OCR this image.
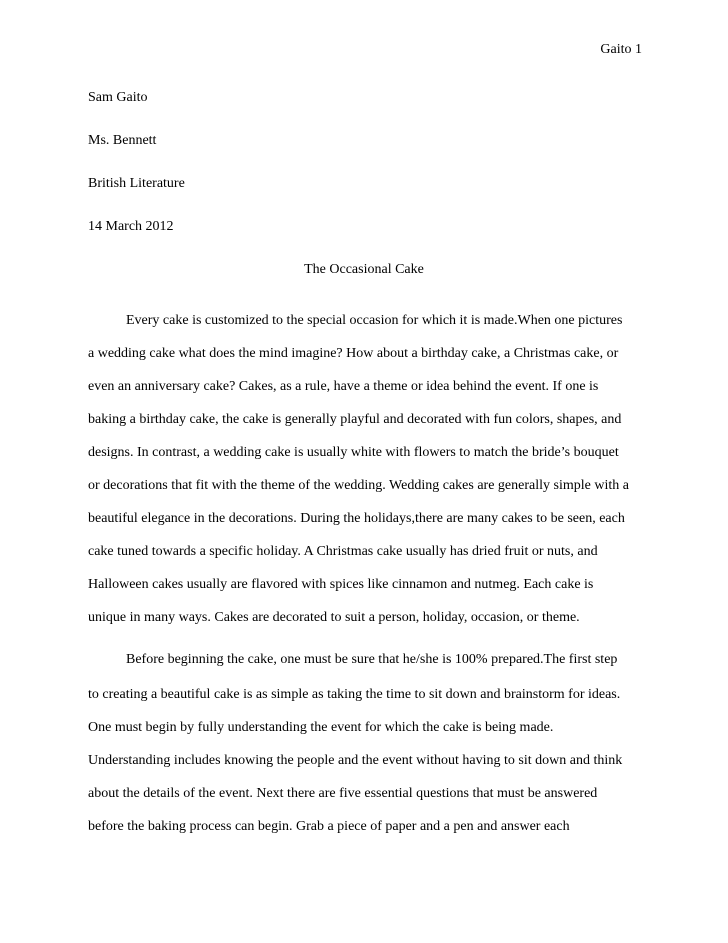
Gaito 1
Sam Gaito
Ms. Bennett
British Literature
14 March 2012
The Occasional Cake
Every cake is customized to the special occasion for which it is made.When one pictures
a wedding cake what does the mind imagine? How about a birthday cake, a Christmas cake, or
even an anniversary cake? Cakes, as a rule, have a theme or idea behind the event. If one is
baking a birthday cake, the cake is generally playful and decorated with fun colors, shapes, and
designs. In contrast, a wedding cake is usually white with flowers to match the bride’s bouquet
or decorations that fit with the theme of the wedding. Wedding cakes are generally simple with a
beautiful elegance in the decorations. During the holidays,there are many cakes to be seen, each
cake tuned towards a specific holiday. A Christmas cake usually has dried fruit or nuts, and
Halloween cakes usually are flavored with spices like cinnamon and nutmeg. Each cake is
unique in many ways. Cakes are decorated to suit a person, holiday, occasion, or theme.
Before beginning the cake, one must be sure that he/she is 100% prepared.The first step
to creating a beautiful cake is as simple as taking the time to sit down and brainstorm for ideas.
One must begin by fully understanding the event for which the cake is being made.
Understanding includes knowing the people and the event without having to sit down and think
about the details of the event. Next there are five essential questions that must be answered
before the baking process can begin. Grab a piece of paper and a pen and answer each
